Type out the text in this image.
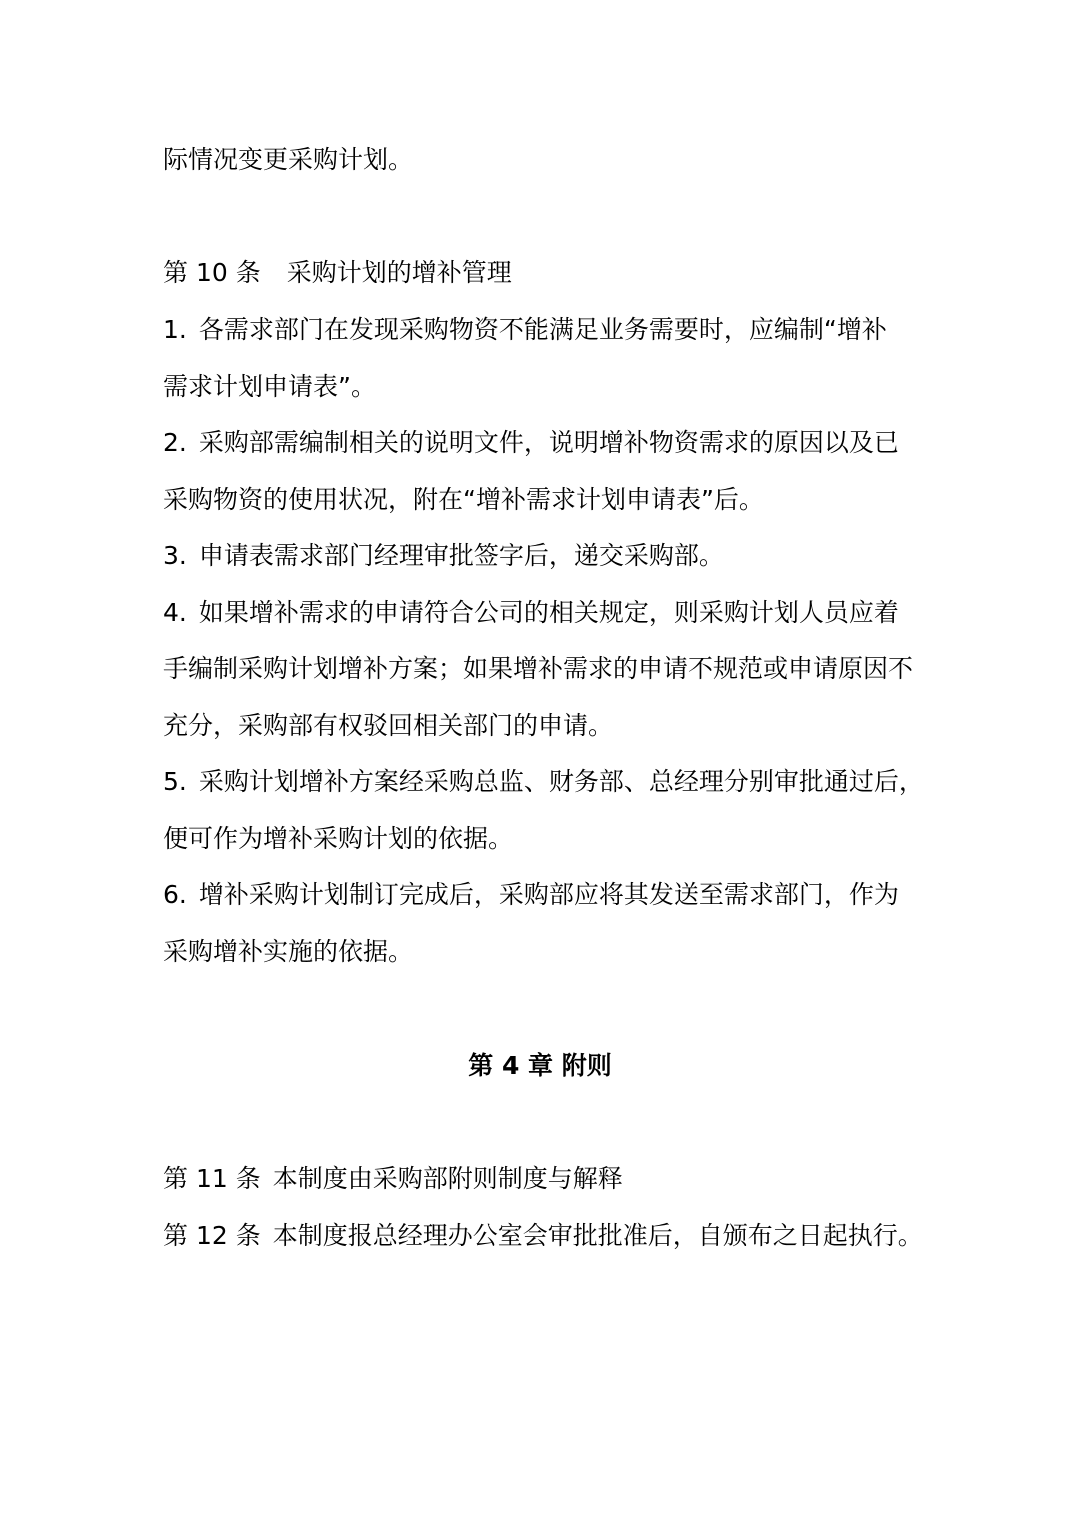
际情况变更采购计划。
第 10 条 采购计划的增补管理
1. 各需求部门在发现采购物资不能满足业务需要时，应编制“增补
需求计划申请表”。
2. 采购部需编制相关的说明文件，说明增补物资需求的原因以及已
采购物资的使用状况，附在“增补需求计划申请表”后。
3. 申请表需求部门经理审批签字后，递交采购部。
4. 如果增补需求的申请符合公司的相关规定，则采购计划人员应着
手编制采购计划增补方案；如果增补需求的申请不规范或申请原因不
充分，采购部有权驳回相关部门的申请。
5. 采购计划增补方案经采购总监、财务部、总经理分别审批通过后，
便可作为增补采购计划的依据。
6. 增补采购计划制订完成后，采购部应将其发送至需求部门，作为
采购增补实施的依据。
第 4 章 附则
第 11 条 本制度由采购部附则制度与解释
第 12 条 本制度报总经理办公室会审批批准后，自颁布之日起执行。
